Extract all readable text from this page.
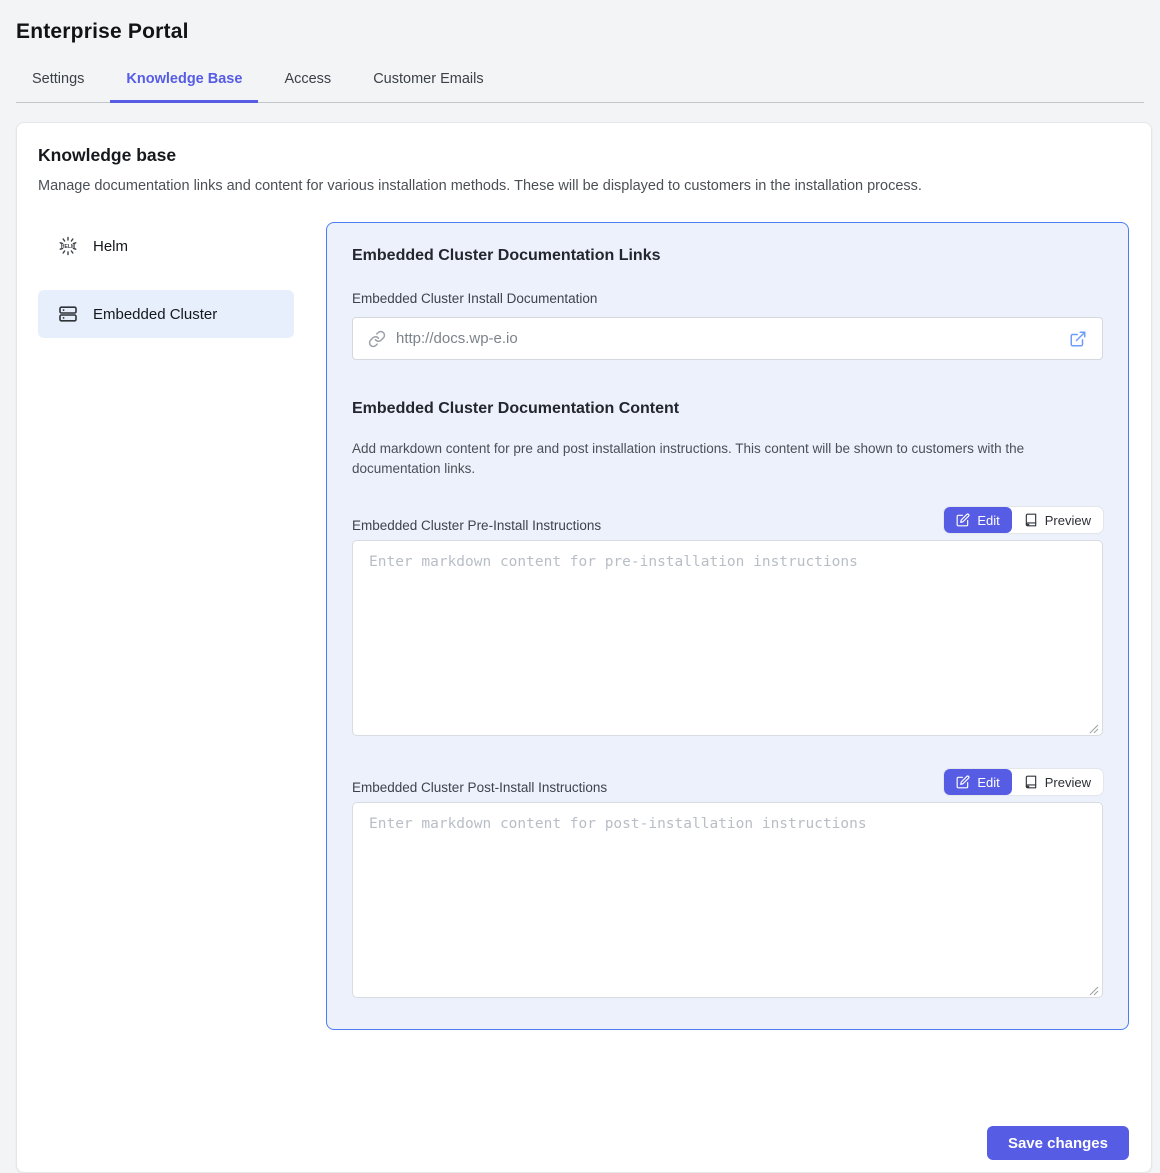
Enterprise Portal
Settings	Knowledge Base	Access	Customer Emails
Knowledge base
Manage documentation links and content for various installation methods. These will be displayed to customers in the installation process.
HELM Helm
Embedded Cluster
Embedded Cluster Documentation Links
Embedded Cluster Install Documentation
http://docs.wp-e.io
Embedded Cluster Documentation Content
Add markdown content for pre and post installation instructions. This content will be shown to customers with the documentation links.
Embedded Cluster Pre-Install Instructions	Edit	Preview
Enter markdown content for pre-installation instructions
Embedded Cluster Post-Install Instructions	Edit	Preview
Enter markdown content for post-installation instructions
Save changes
